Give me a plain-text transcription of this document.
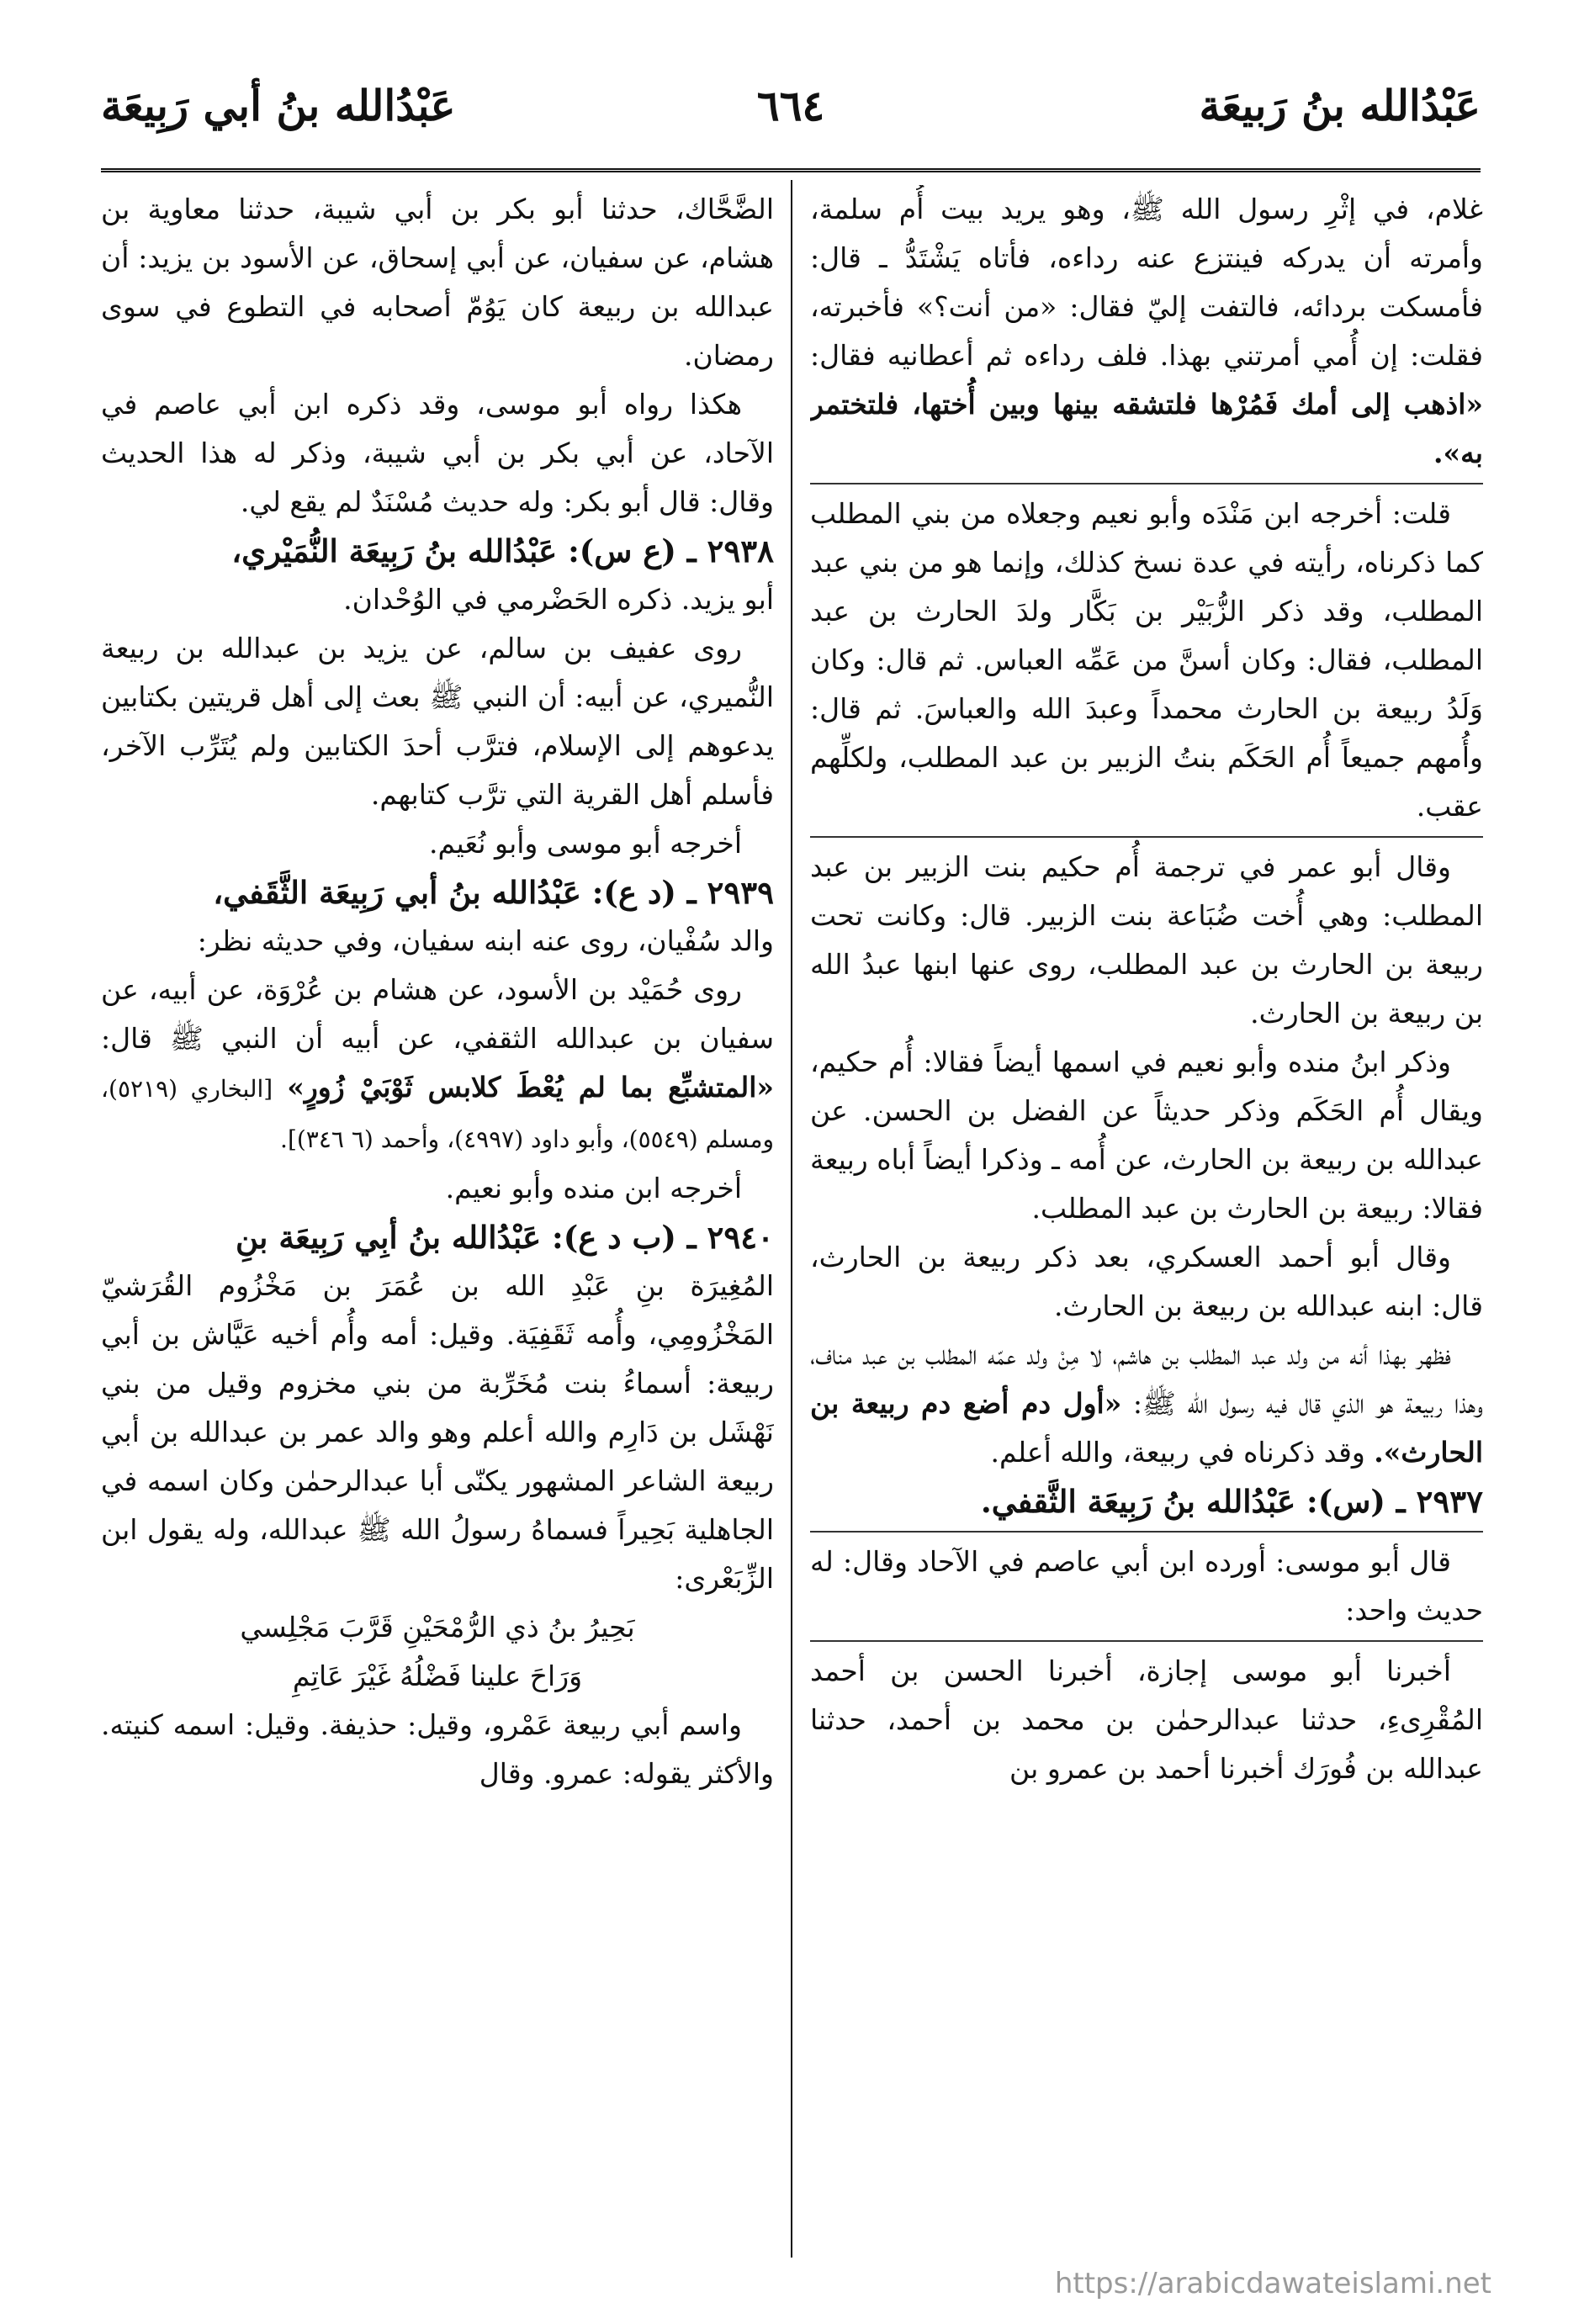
عَبْدُالله بنُ رَبيعَة
٦٦٤
عَبْدُالله بنُ أبي رَبِيعَة

غلام، في إثْرِ رسول الله ﷺ، وهو يريد بيت أُم سلمة، وأمرته أن يدركه فينتزع عنه رداءه، فأتاه يَشْتَدُّ ـ قال: فأمسكت بردائه، فالتفت إليّ فقال: «من أنت؟» فأخبرته، فقلت: إن أُمي أمرتني بهذا. فلف رداءه ثم أعطانيه فقال: «اذهب إلى أمك فَمُرْها فلتشقه بينها وبين أُختها، فلتختمر به».

قلت: أخرجه ابن مَنْدَه وأبو نعيم وجعلاه من بني المطلب كما ذكرناه، رأيته في عدة نسخ كذلك، وإنما هو من بني عبد المطلب، وقد ذكر الزُّبَيْر بن بَكَّار ولدَ الحارث بن عبد المطلب، فقال: وكان أسنَّ من عَمِّه العباس. ثم قال: وكان وَلَدُ ربيعة بن الحارث محمداً وعبدَ الله والعباسَ. ثم قال: وأُمهم جميعاً أُم الحَكَم بنتُ الزبير بن عبد المطلب، ولكلِّهم عقب.

وقال أبو عمر في ترجمة أُم حكيم بنت الزبير بن عبد المطلب: وهي أُخت ضُبَاعة بنت الزبير. قال: وكانت تحت ربيعة بن الحارث بن عبد المطلب، روى عنها ابنها عبدُ الله بن ربيعة بن الحارث.

وذكر ابنُ منده وأبو نعيم في اسمها أيضاً فقالا: أُم حكيم، ويقال أُم الحَكَم وذكر حديثاً عن الفضل بن الحسن. عن عبدالله بن ربيعة بن الحارث، عن أُمه ـ وذكرا أيضاً أباه ربيعة فقالا: ربيعة بن الحارث بن عبد المطلب.

وقال أبو أحمد العسكري، بعد ذكر ربيعة بن الحارث، قال: ابنه عبدالله بن ربيعة بن الحارث.

فظهر بهذا أنه من ولد عبد المطلب بن هاشم، لا مِنْ ولد عمّه المطلب بن عبد مناف، وهذا ربيعة هو الذي قال فيه رسول الله ﷺ: «أول دم أضع دم ربيعة بن الحارث». وقد ذكرناه في ربيعة، والله أعلم.

٢٩٣٧ ـ (س): عَبْدُالله بنُ رَبِيعَة الثَّقفي.

قال أبو موسى: أورده ابن أبي عاصم في الآحاد وقال: له حديث واحد:

أخبرنا أبو موسى إجازة، أخبرنا الحسن بن أحمد المُقْرِىءِ، حدثنا عبدالرحمٰن بن محمد بن أحمد، حدثنا عبدالله بن فُورَك أخبرنا أحمد بن عمرو بن

الضَّحَّاك، حدثنا أبو بكر بن أبي شيبة، حدثنا معاوية بن هشام، عن سفيان، عن أبي إسحاق، عن الأسود بن يزيد: أن عبدالله بن ربيعة كان يَوُمّ أصحابه في التطوع في سوى رمضان.

هكذا رواه أبو موسى، وقد ذكره ابن أبي عاصم في الآحاد، عن أبي بكر بن أبي شيبة، وذكر له هذا الحديث وقال: قال أبو بكر: وله حديث مُسْنَدٌ لم يقع لي.

٢٩٣٨ ـ (ع س): عَبْدُالله بنُ رَبِيعَة النُّمَيْري،

أبو يزيد. ذكره الحَضْرمي في الوُحْدان.

روى عفيف بن سالم، عن يزيد بن عبدالله بن ربيعة النُّميري، عن أبيه: أن النبي ﷺ بعث إلى أهل قريتين بكتابين يدعوهم إلى الإسلام، فترَّب أحدَ الكتابين ولم يُتَرِّب الآخر، فأسلم أهل القرية التي ترَّب كتابهم.

أخرجه أبو موسى وأبو نُعَيم.

٢٩٣٩ ـ (د ع): عَبْدُالله بنُ أبي رَبِيعَة الثَّقَفي،

والد سُفْيان، روى عنه ابنه سفيان، وفي حديثه نظر:

روى حُمَيْد بن الأسود، عن هشام بن عُرْوَة، عن أبيه، عن سفيان بن عبدالله الثقفي، عن أبيه أن النبي ﷺ قال: «المتشبِّع بما لم يُعْطَ كلابس ثَوْبَيْ زُورٍ» [البخاري (٥٢١٩)، ومسلم (٥٥٤٩)، وأبو داود (٤٩٩٧)، وأحمد (٦ ٣٤٦)].

أخرجه ابن منده وأبو نعيم.

٢٩٤٠ ـ (ب د ع): عَبْدُالله بنُ أبِي رَبِيعَة بنِ

المُغِيرَة بنِ عَبْدِ الله بن عُمَرَ بن مَخْزُوم القُرَشيّ المَخْزُومِي، وأُمه ثَقَفِيَة. وقيل: أمه وأُم أخيه عَيَّاش بن أبي ربيعة: أسماءُ بنت مُخَرِّبة من بني مخزوم وقيل من بني نَهْشَل بن دَارِم والله أعلم وهو والد عمر بن عبدالله بن أبي ربيعة الشاعر المشهور يكنّى أبا عبدالرحمٰن وكان اسمه في الجاهلية بَحِيراً فسماهُ رسولُ الله ﷺ عبدالله، وله يقول ابن الزِّبَعْرى:

بَحِيرُ بنُ ذي الرُّمْحَيْنِ قَرَّبَ مَجْلِسي

وَرَاحَ علينا فَضْلُهُ غَيْرَ عَاتِمِ

واسم أبي ربيعة عَمْرو، وقيل: حذيفة. وقيل: اسمه كنيته. والأكثر يقوله: عمرو. وقال

https://arabicdawateislami.net
